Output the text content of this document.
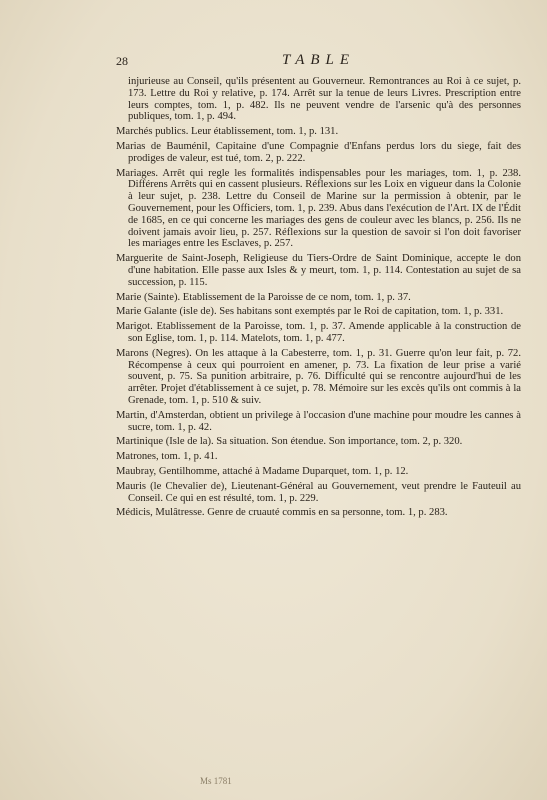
28	TABLE

injurieuse au Conseil, qu'ils présentent au Gouverneur. Remontrances au Roi à ce sujet, p. 173. Lettre du Roi y relative, p. 174. Arrêt sur la tenue de leurs Livres. Prescription entre leurs comptes, tom. 1, p. 482. Ils ne peuvent vendre de l'arsenic qu'à des personnes publiques, tom. 1, p. 494.

Marchés publics. Leur établissement, tom. 1, p. 131.

Marias de Bauménil, Capitaine d'une Compagnie d'Enfans perdus lors du siege, fait des prodiges de valeur, est tué, tom. 2, p. 222.

Mariages. Arrêt qui regle les formalités indispensables pour les mariages, tom. 1, p. 238. Différens Arrêts qui en cassent plusieurs. Réflexions sur les Loix en vigueur dans la Colonie à leur sujet, p. 238. Lettre du Conseil de Marine sur la permission à obtenir, par le Gouvernement, pour les Officiers, tom. 1, p. 239. Abus dans l'exécution de l'Art. IX de l'Édit de 1685, en ce qui concerne les mariages des gens de couleur avec les blancs, p. 256. Ils ne doivent jamais avoir lieu, p. 257. Réflexions sur la question de savoir si l'on doit favoriser les mariages entre les Esclaves, p. 257.

Marguerite de Saint-Joseph, Religieuse du Tiers-Ordre de Saint Dominique, accepte le don d'une habitation. Elle passe aux Isles & y meurt, tom. 1, p. 114. Contestation au sujet de sa succession, p. 115.

Marie (Sainte). Etablissement de la Paroisse de ce nom, tom. 1, p. 37.

Marie Galante (isle de). Ses habitans sont exemptés par le Roi de capitation, tom. 1, p. 331.

Marigot. Etablissement de la Paroisse, tom. 1, p. 37. Amende applicable à la construction de son Eglise, tom. 1, p. 114. Matelots, tom. 1, p. 477.

Marons (Negres). On les attaque à la Cabesterre, tom. 1, p. 31. Guerre qu'on leur fait, p. 72. Récompense à ceux qui pourroient en amener, p. 73. La fixation de leur prise a varié souvent, p. 75. Sa punition arbitraire, p. 76. Difficulté qui se rencontre aujourd'hui de les arrêter. Projet d'établissement à ce sujet, p. 78. Mémoire sur les excès qu'ils ont commis à la Grenade, tom. 1, p. 510 & suiv.

Martin, d'Amsterdan, obtient un privilege à l'occasion d'une machine pour moudre les cannes à sucre, tom. 1, p. 42.

Martinique (Isle de la). Sa situation. Son étendue. Son importance, tom. 2, p. 320.

Matrones, tom. 1, p. 41.

Maubray, Gentilhomme, attaché à Madame Duparquet, tom. 1, p. 12.

Mauris (le Chevalier de), Lieutenant-Général au Gouvernement, veut prendre le Fauteuil au Conseil. Ce qui en est résulté, tom. 1, p. 229.

Médicis, Mulâtresse. Genre de cruauté commis en sa personne, tom. 1, p. 283.

Ms 1781
